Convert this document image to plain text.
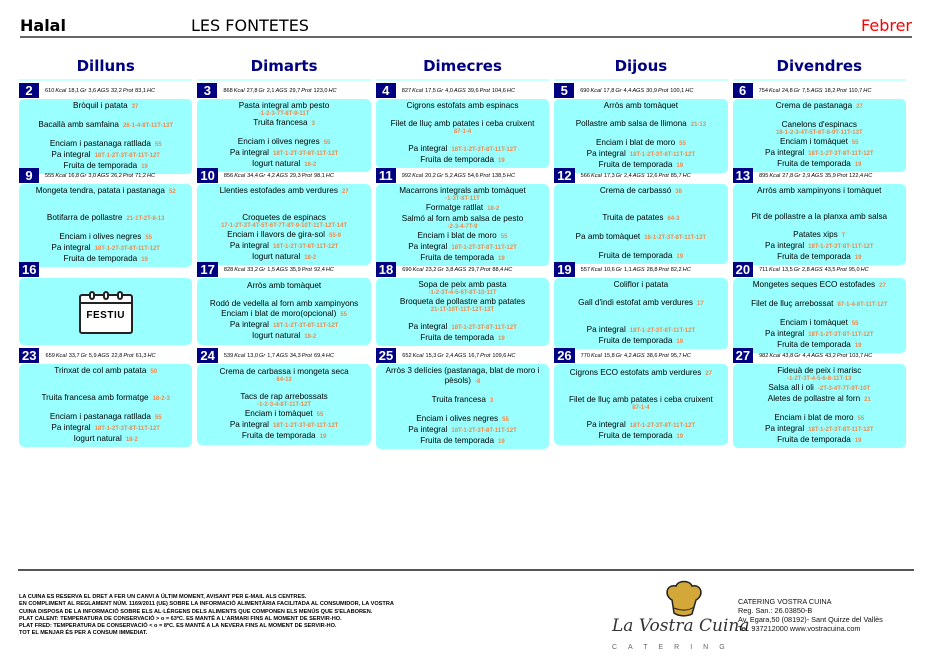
Halal	LES FONTETES	Febrer
Dilluns	Dimarts	Dimecres	Dijous	Divendres
2	610Kcal 18,1Gr 3,6AGS 32,2Prot 83,1HC
Bròquil i patata 37
Bacallà amb samfaina 26-1-4-8T-11T-13T
Enciam i pastanaga ratllada 55
Pa integral 18T-1-2T-3T-8T-11T-12T
Fruita de temporada 19
3	868Kcal 27,8Gr 2,1AGS 29,7Prot 123,0HC
Pasta integral amb pesto
-1-2-3-7T-8T-9-11T
Truita francesa 3
Enciam i olives negres 55
Pa integral 18T-1-2T-3T-8T-11T-12T
Iogurt natural 18-2
4	827Kcal 17,5Gr 4,0AGS 39,6Prot 104,6HC
Cigrons estofats amb espinacs
Filet de lluç amb patates i ceba cruixent
87-1-4
Pa integral 18T-1-2T-3T-8T-11T-12T
Fruita de temporada 19
5	690Kcal 17,8Gr 4,4AGS 30,9Prot 100,1HC
Arròs amb tomàquet
Pollastre amb salsa de llimona 21-13
Enciam i blat de moro 55
Pa integral 18T-1-2T-3T-8T-11T-12T
Fruita de temporada 19
6	754Kcal 24,8Gr 7,5AGS 18,2Prot 110,7HC
Crema de pastanaga 27
Canelons d'espinacs
18-1-2-3-4T-5T-6T-8-9T-11T-13T
Enciam i tomàquet 55
Pa integral 18T-1-2T-3T-8T-11T-12T
Fruita de temporada 19
9	555Kcal 16,8Gr 3,0AGS 26,2Prot 71,2HC
Mongeta tendra, patata i pastanaga 52
Botifarra de pollastre 21-1T-2T-8-13
Enciam i olives negres 55
Pa integral 18T-1-2T-3T-8T-11T-12T
Fruita de temporada 19
10	856Kcal 34,4Gr 4,2AGS 29,3Prot 98,1HC
Llenties estofades amb verdures 27
Croquetes de espinacs
17-1-2T-3T-4T-5T-6T-7T-8T-9-10T-11T-12T-14T
Enciam i llavors de gira-sol 55-9
Pa integral 18T-1-2T-3T-8T-11T-12T
Iogurt natural 18-2
11	992Kcal 20,2Gr 5,2AGS 54,6Prot 138,5HC
Macarrons integrals amb tomàquet
-1-3T-8T-11T
Formatge ratllat 18-2
Salmó al forn amb salsa de pesto
-2-3-4-7T-9
Enciam i blat de moro 55
Pa integral 18T-1-2T-3T-8T-11T-12T
Fruita de temporada 19
12	566Kcal 17,3Gr 2,4AGS 12,6Prot 85,7HC
Crema de carbassó 38
Truita de patates 64-3
Pa amb tomàquet 18-1-2T-3T-8T-11T-12T
Fruita de temporada 19
13	895Kcal 27,8Gr 2,9AGS 35,9Prot 122,4HC
Arròs amb xampinyons i tomàquet
Pit de pollastre a la planxa amb salsa
Patates xips T
Pa integral 18T-1-2T-3T-8T-11T-12T
Fruita de temporada 19
16
FESTIU
17	828Kcal 33,2Gr 1,5AGS 35,9Prot 92,4HC
Arròs amb tomàquet
Rodó de vedella al forn amb xampinyons
Enciam i blat de moro(opcional) 55
Pa integral 18T-1-2T-3T-8T-11T-12T
Iogurt natural 18-2
18	690Kcal 23,2Gr 3,8AGS 29,7Prot 88,4HC
Sopa de peix amb pasta
-1-2-3T-4-5-6T-8T-10-11T
Broqueta de pollastre amb patates
21-1T-10T-11T-12T-13T
Pa integral 18T-1-2T-3T-8T-11T-12T
Fruita de temporada 19
19	557Kcal 10,6Gr 1,1AGS 28,8Prot 82,2HC
Coliflor i patata
Gall d'indi estofat amb verdures 17
Pa integral 18T-1-2T-3T-8T-11T-12T
Fruita de temporada 19
20	711Kcal 13,5Gr 2,8AGS 43,5Prot 95,0HC
Mongetes seques ECO estofades 27
Filet de lluç arrebossat 87-1-4-8T-11T-12T
Enciam i tomàquet 55
Pa integral 18T-1-2T-3T-8T-11T-12T
Fruita de temporada 19
23	659Kcal 33,7Gr 5,9AGS 22,8Prot 61,3HC
Trinxat de col amb patata 50
Truita francesa amb formatge 18-2-3
Enciam i pastanaga ratllada 55
Pa integral 18T-1-2T-3T-8T-11T-12T
Iogurt natural 18-2
24	539Kcal 13,0Gr 1,7AGS 34,3Prot 69,4HC
Crema de carbassa i mongeta seca
64-13
Tacs de rap arrebossats
-1-2-3-4-8T-11T-12T
Enciam i tomàquet 55
Pa integral 18T-1-2T-3T-8T-11T-12T
Fruita de temporada 19
25	652Kcal 15,3Gr 2,4AGS 16,7Prot 109,6HC
Arròs 3 delícies (pastanaga, blat de moro i pèsols) -8
Truita francesa 3
Enciam i olives negres 55
Pa integral 18T-1-2T-3T-8T-11T-12T
Fruita de temporada 19
26	770Kcal 15,8Gr 4,2AGS 38,6Prot 95,7HC
Cigrons ECO estofats amb verdures 27
Filet de lluç amb patates i ceba cruixent
87-1-4
Pa integral 18T-1-2T-3T-8T-11T-12T
Fruita de temporada 19
27	982Kcal 43,8Gr 4,4AGS 43,2Prot 103,7HC
Fideuà de peix i marisc
-1-2T-3T-4-5-6-8-11T-13
Salsa all i oli -2T-3-4T-7T-9T-10T
Aletes de pollastre al forn 21
Enciam i blat de moro 55
Pa integral 18T-1-2T-3T-8T-11T-12T
Fruita de temporada 19
LA CUINA ES RESERVA EL DRET A FER UN CANVI A ÚLTIM MOMENT, AVISANT PER E-MAIL ALS CENTRES.
EN COMPLIMENT AL REGLAMENT NÚM. 1169/2011 (UE) SOBRE LA INFORMACIÓ ALIMENTÀRIA FACILITADA AL CONSUMIDOR, LA VOSTRA
CUINA DISPOSA DE LA INFORMACIÓ SOBRE ELS AL·LÈRGENS DELS ALIMENTS QUE COMPONEN ELS MENÚS QUE S'ELABOREN.
PLAT CALENT: TEMPERATURA DE CONSERVACIÓ > o = 63ºC. ES MANTÉ A L'ARMARI FINS AL MOMENT DE SERVIR-HO.
PLAT FRED: TEMPERATURA DE CONSERVACIÓ < o = 8ºC. ES MANTÉ A LA NEVERA FINS AL MOMENT DE SERVIR-HO.
TOT EL MENJAR ÉS PER A CONSUM IMMEDIAT.	La Vostra Cuina
CATERING
CATERING VOSTRA CUINA
Reg. San.: 26.03850-B
Av. Egara,50 (08192)- Sant Quirze del Vallès
Tel. 937212000 www.vostracuina.com
